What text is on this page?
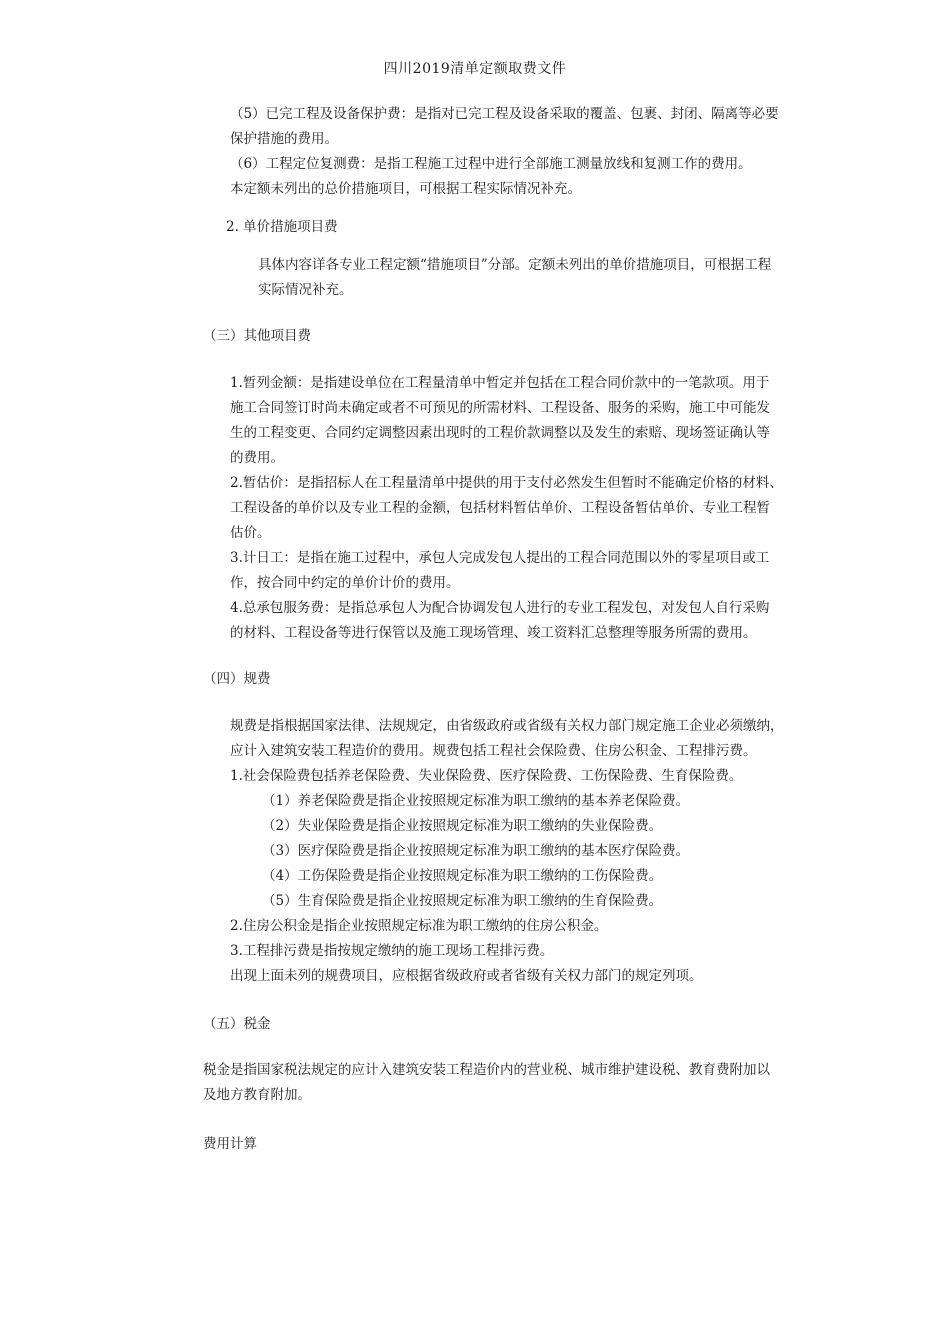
四川2019清单定额取费文件
（5）已完工程及设备保护费：是指对已完工程及设备采取的覆盖、包裹、封闭、隔离等必要
保护措施的费用。
（6）工程定位复测费：是指工程施工过程中进行全部施工测量放线和复测工作的费用。
本定额未列出的总价措施项目，可根据工程实际情况补充。
2. 单价措施项目费
具体内容详各专业工程定额“措施项目”分部。定额未列出的单价措施项目，可根据工程
实际情况补充。
（三）其他项目费
1.暂列金额：是指建设单位在工程量清单中暂定并包括在工程合同价款中的一笔款项。用于
施工合同签订时尚未确定或者不可预见的所需材料、工程设备、服务的采购，施工中可能发
生的工程变更、合同约定调整因素出现时的工程价款调整以及发生的索赔、现场签证确认等
的费用。
2.暂估价：是指招标人在工程量清单中提供的用于支付必然发生但暂时不能确定价格的材料、
工程设备的单价以及专业工程的金额，包括材料暂估单价、工程设备暂估单价、专业工程暂
估价。
3.计日工：是指在施工过程中，承包人完成发包人提出的工程合同范围以外的零星项目或工
作，按合同中约定的单价计价的费用。
4.总承包服务费：是指总承包人为配合协调发包人进行的专业工程发包，对发包人自行采购
的材料、工程设备等进行保管以及施工现场管理、竣工资料汇总整理等服务所需的费用。
（四）规费
规费是指根据国家法律、法规规定，由省级政府或省级有关权力部门规定施工企业必须缴纳，
应计入建筑安装工程造价的费用。规费包括工程社会保险费、住房公积金、工程排污费。
1.社会保险费包括养老保险费、失业保险费、医疗保险费、工伤保险费、生育保险费。
（1）养老保险费是指企业按照规定标准为职工缴纳的基本养老保险费。
（2）失业保险费是指企业按照规定标准为职工缴纳的失业保险费。
（3）医疗保险费是指企业按照规定标准为职工缴纳的基本医疗保险费。
（4）工伤保险费是指企业按照规定标准为职工缴纳的工伤保险费。
（5）生育保险费是指企业按照规定标准为职工缴纳的生育保险费。
2.住房公积金是指企业按照规定标准为职工缴纳的住房公积金。
3.工程排污费是指按规定缴纳的施工现场工程排污费。
出现上面未列的规费项目，应根据省级政府或者省级有关权力部门的规定列项。
（五）税金
税金是指国家税法规定的应计入建筑安装工程造价内的营业税、城市维护建设税、教育费附加以
及地方教育附加。
费用计算
